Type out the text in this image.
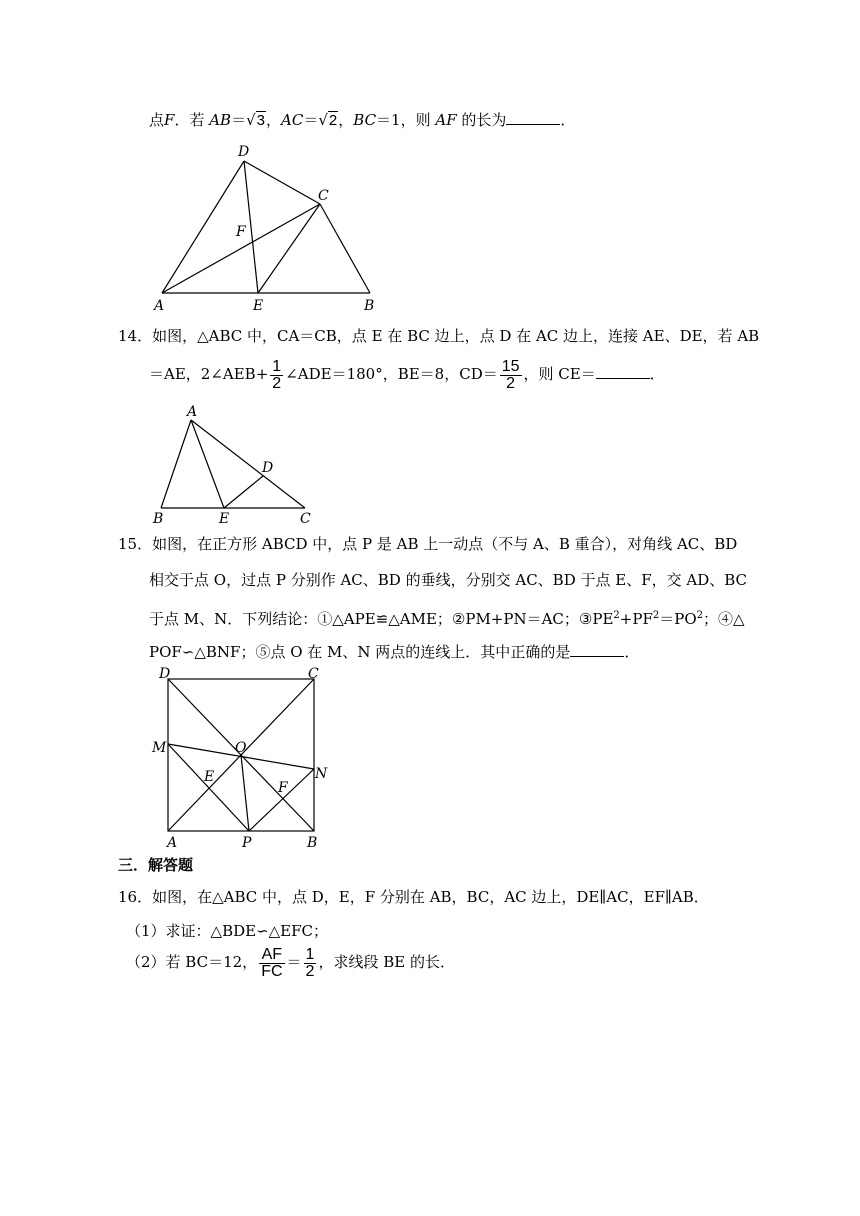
点F．若 AB＝√3，AC＝√2，BC＝1，则 AF 的长为	．
A	B
C
D
E
F
14．如图，△ABC 中，CA＝CB，点 E 在 BC 边上，点 D 在 AC 边上，连接 AE、DE，若 AB
＝AE，2∠AEB+ $\frac{1}{2}$ ∠ADE＝180°，BE＝8，$CD= \frac{15}{2}$ ，则 CE＝	．
A
B	C
D
E
15．如图，在正方形 ABCD 中，点 P 是 AB 上一动点（不与 A、B 重合），对角线 AC、BD
相交于点 O，过点 P 分别作 AC、BD 的垂线，分别交 AC、BD 于点 E、F，交 AD、BC
于点 M、N．下列结论：①△APE≌△AME；②PM+PN＝AC；$③PE^2+PF^2=PO^2$；④△
POF∽△BNF；⑤点 O 在 M、N 两点的连线上．其中正确的是	．
A	B
C
D
E
F
M
N
O
P
三．解答题
16．如图，在△ABC 中，点 D，E，F 分别在 AB，BC，AC 边上，DE∥AC，EF∥AB．
（1）求证：△BDE∽△EFC；
（2）若 BC＝12， $\frac{AF}{FC} = \frac{1}{2}$ ，求线段 BE 的长．
